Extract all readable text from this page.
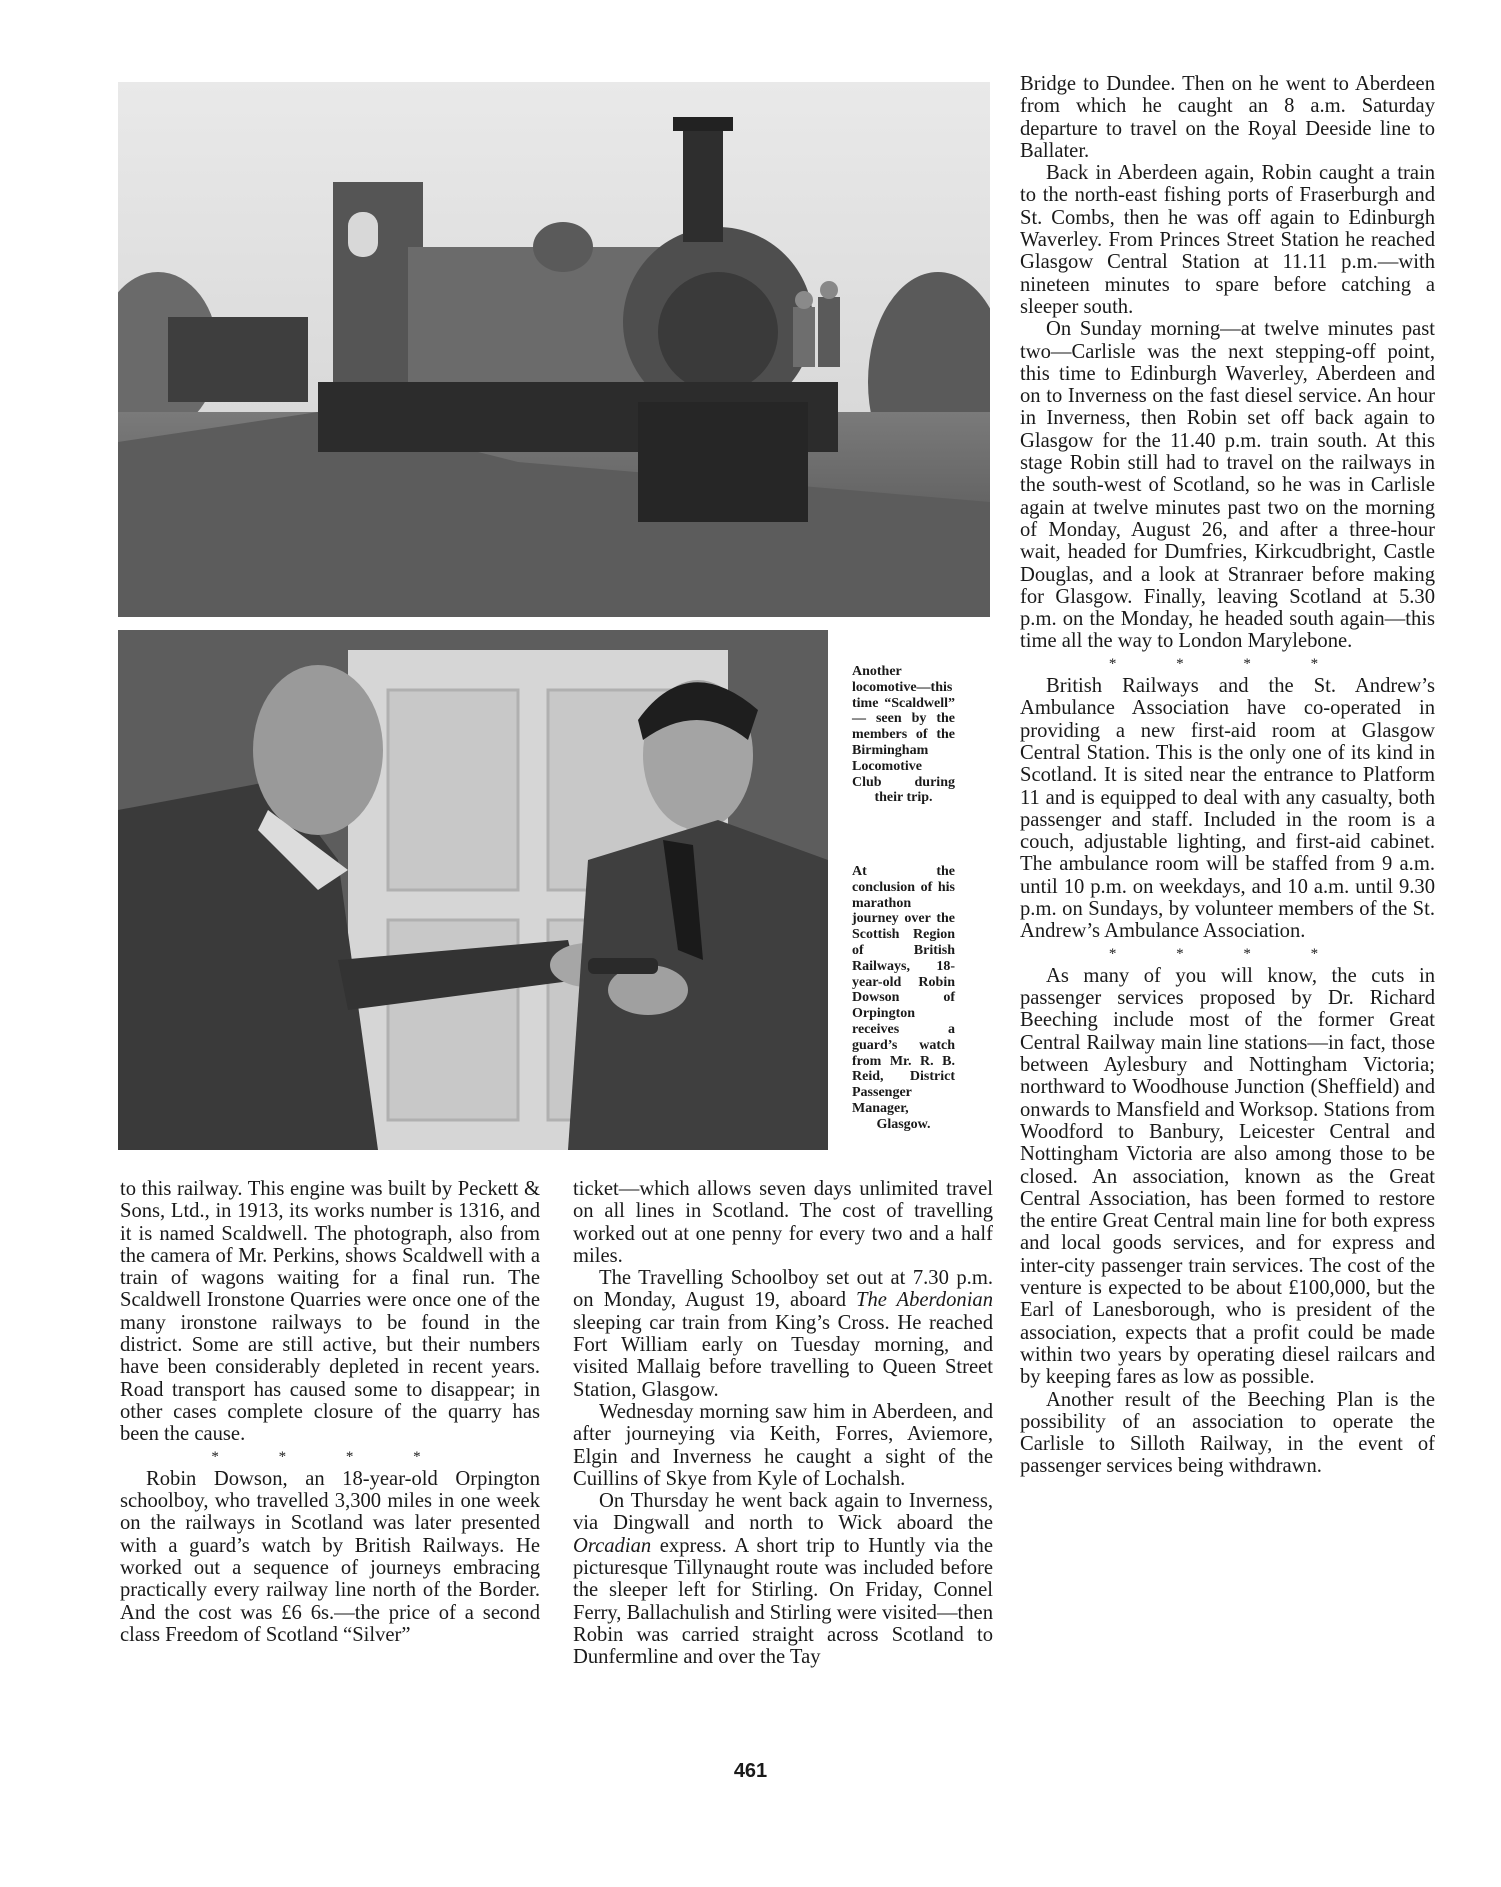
Another locomotive—this time “Scaldwell” — seen by the members of the Birmingham Locomotive Club during their trip.
At the conclusion of his marathon journey over the Scottish Region of British Railways, 18-year-old Robin Dowson of Orpington receives a guard’s watch from Mr. R. B. Reid, District Passenger Manager, Glasgow.

to this railway. This engine was built by Peckett & Sons, Ltd., in 1913, its works number is 1316, and it is named Scaldwell. The photograph, also from the camera of Mr. Perkins, shows Scaldwell with a train of wagons waiting for a final run. The Scaldwell Ironstone Quarries were once one of the many ironstone railways to be found in the district. Some are still active, but their numbers have been considerably depleted in recent years. Road transport has caused some to disappear; in other cases complete closure of the quarry has been the cause.

* * * *

Robin Dowson, an 18-year-old Orpington schoolboy, who travelled 3,300 miles in one week on the railways in Scotland was later presented with a guard’s watch by British Railways. He worked out a sequence of journeys embracing practically every railway line north of the Border. And the cost was £6 6s.—the price of a second class Freedom of Scotland “Silver”

ticket—which allows seven days unlimited travel on all lines in Scotland. The cost of travelling worked out at one penny for every two and a half miles.

The Travelling Schoolboy set out at 7.30 p.m. on Monday, August 19, aboard The Aberdonian sleeping car train from King’s Cross. He reached Fort William early on Tuesday morning, and visited Mallaig before travelling to Queen Street Station, Glasgow.

Wednesday morning saw him in Aberdeen, and after journeying via Keith, Forres, Aviemore, Elgin and Inverness he caught a sight of the Cuillins of Skye from Kyle of Lochalsh.

On Thursday he went back again to Inverness, via Dingwall and north to Wick aboard the Orcadian express. A short trip to Huntly via the picturesque Tillynaught route was included before the sleeper left for Stirling. On Friday, Connel Ferry, Ballachulish and Stirling were visited—then Robin was carried straight across Scotland to Dunfermline and over the Tay

Bridge to Dundee. Then on he went to Aberdeen from which he caught an 8 a.m. Saturday departure to travel on the Royal Deeside line to Ballater.

Back in Aberdeen again, Robin caught a train to the north-east fishing ports of Fraserburgh and St. Combs, then he was off again to Edinburgh Waverley. From Princes Street Station he reached Glasgow Central Station at 11.11 p.m.—with nineteen minutes to spare before catching a sleeper south.

On Sunday morning—at twelve minutes past two—Carlisle was the next stepping-off point, this time to Edinburgh Waverley, Aberdeen and on to Inverness on the fast diesel service. An hour in Inverness, then Robin set off back again to Glasgow for the 11.40 p.m. train south. At this stage Robin still had to travel on the railways in the south-west of Scotland, so he was in Carlisle again at twelve minutes past two on the morning of Monday, August 26, and after a three-hour wait, headed for Dumfries, Kirkcudbright, Castle Douglas, and a look at Stranraer before making for Glasgow. Finally, leaving Scotland at 5.30 p.m. on the Monday, he headed south again—this time all the way to London Marylebone.

* * * *

British Railways and the St. Andrew’s Ambulance Association have co-operated in providing a new first-aid room at Glasgow Central Station. This is the only one of its kind in Scotland. It is sited near the entrance to Platform 11 and is equipped to deal with any casualty, both passenger and staff. Included in the room is a couch, adjustable lighting, and first-aid cabinet. The ambulance room will be staffed from 9 a.m. until 10 p.m. on weekdays, and 10 a.m. until 9.30 p.m. on Sundays, by volunteer members of the St. Andrew’s Ambulance Association.

* * * *

As many of you will know, the cuts in passenger services proposed by Dr. Richard Beeching include most of the former Great Central Railway main line stations—in fact, those between Aylesbury and Nottingham Victoria; northward to Woodhouse Junction (Sheffield) and onwards to Mansfield and Worksop. Stations from Woodford to Banbury, Leicester Central and Nottingham Victoria are also among those to be closed. An association, known as the Great Central Association, has been formed to restore the entire Great Central main line for both express and local goods services, and for express and inter-city passenger train services. The cost of the venture is expected to be about £100,000, but the Earl of Lanesborough, who is president of the association, expects that a profit could be made within two years by operating diesel railcars and by keeping fares as low as possible.

Another result of the Beeching Plan is the possibility of an association to operate the Carlisle to Silloth Railway, in the event of passenger services being withdrawn.

461
